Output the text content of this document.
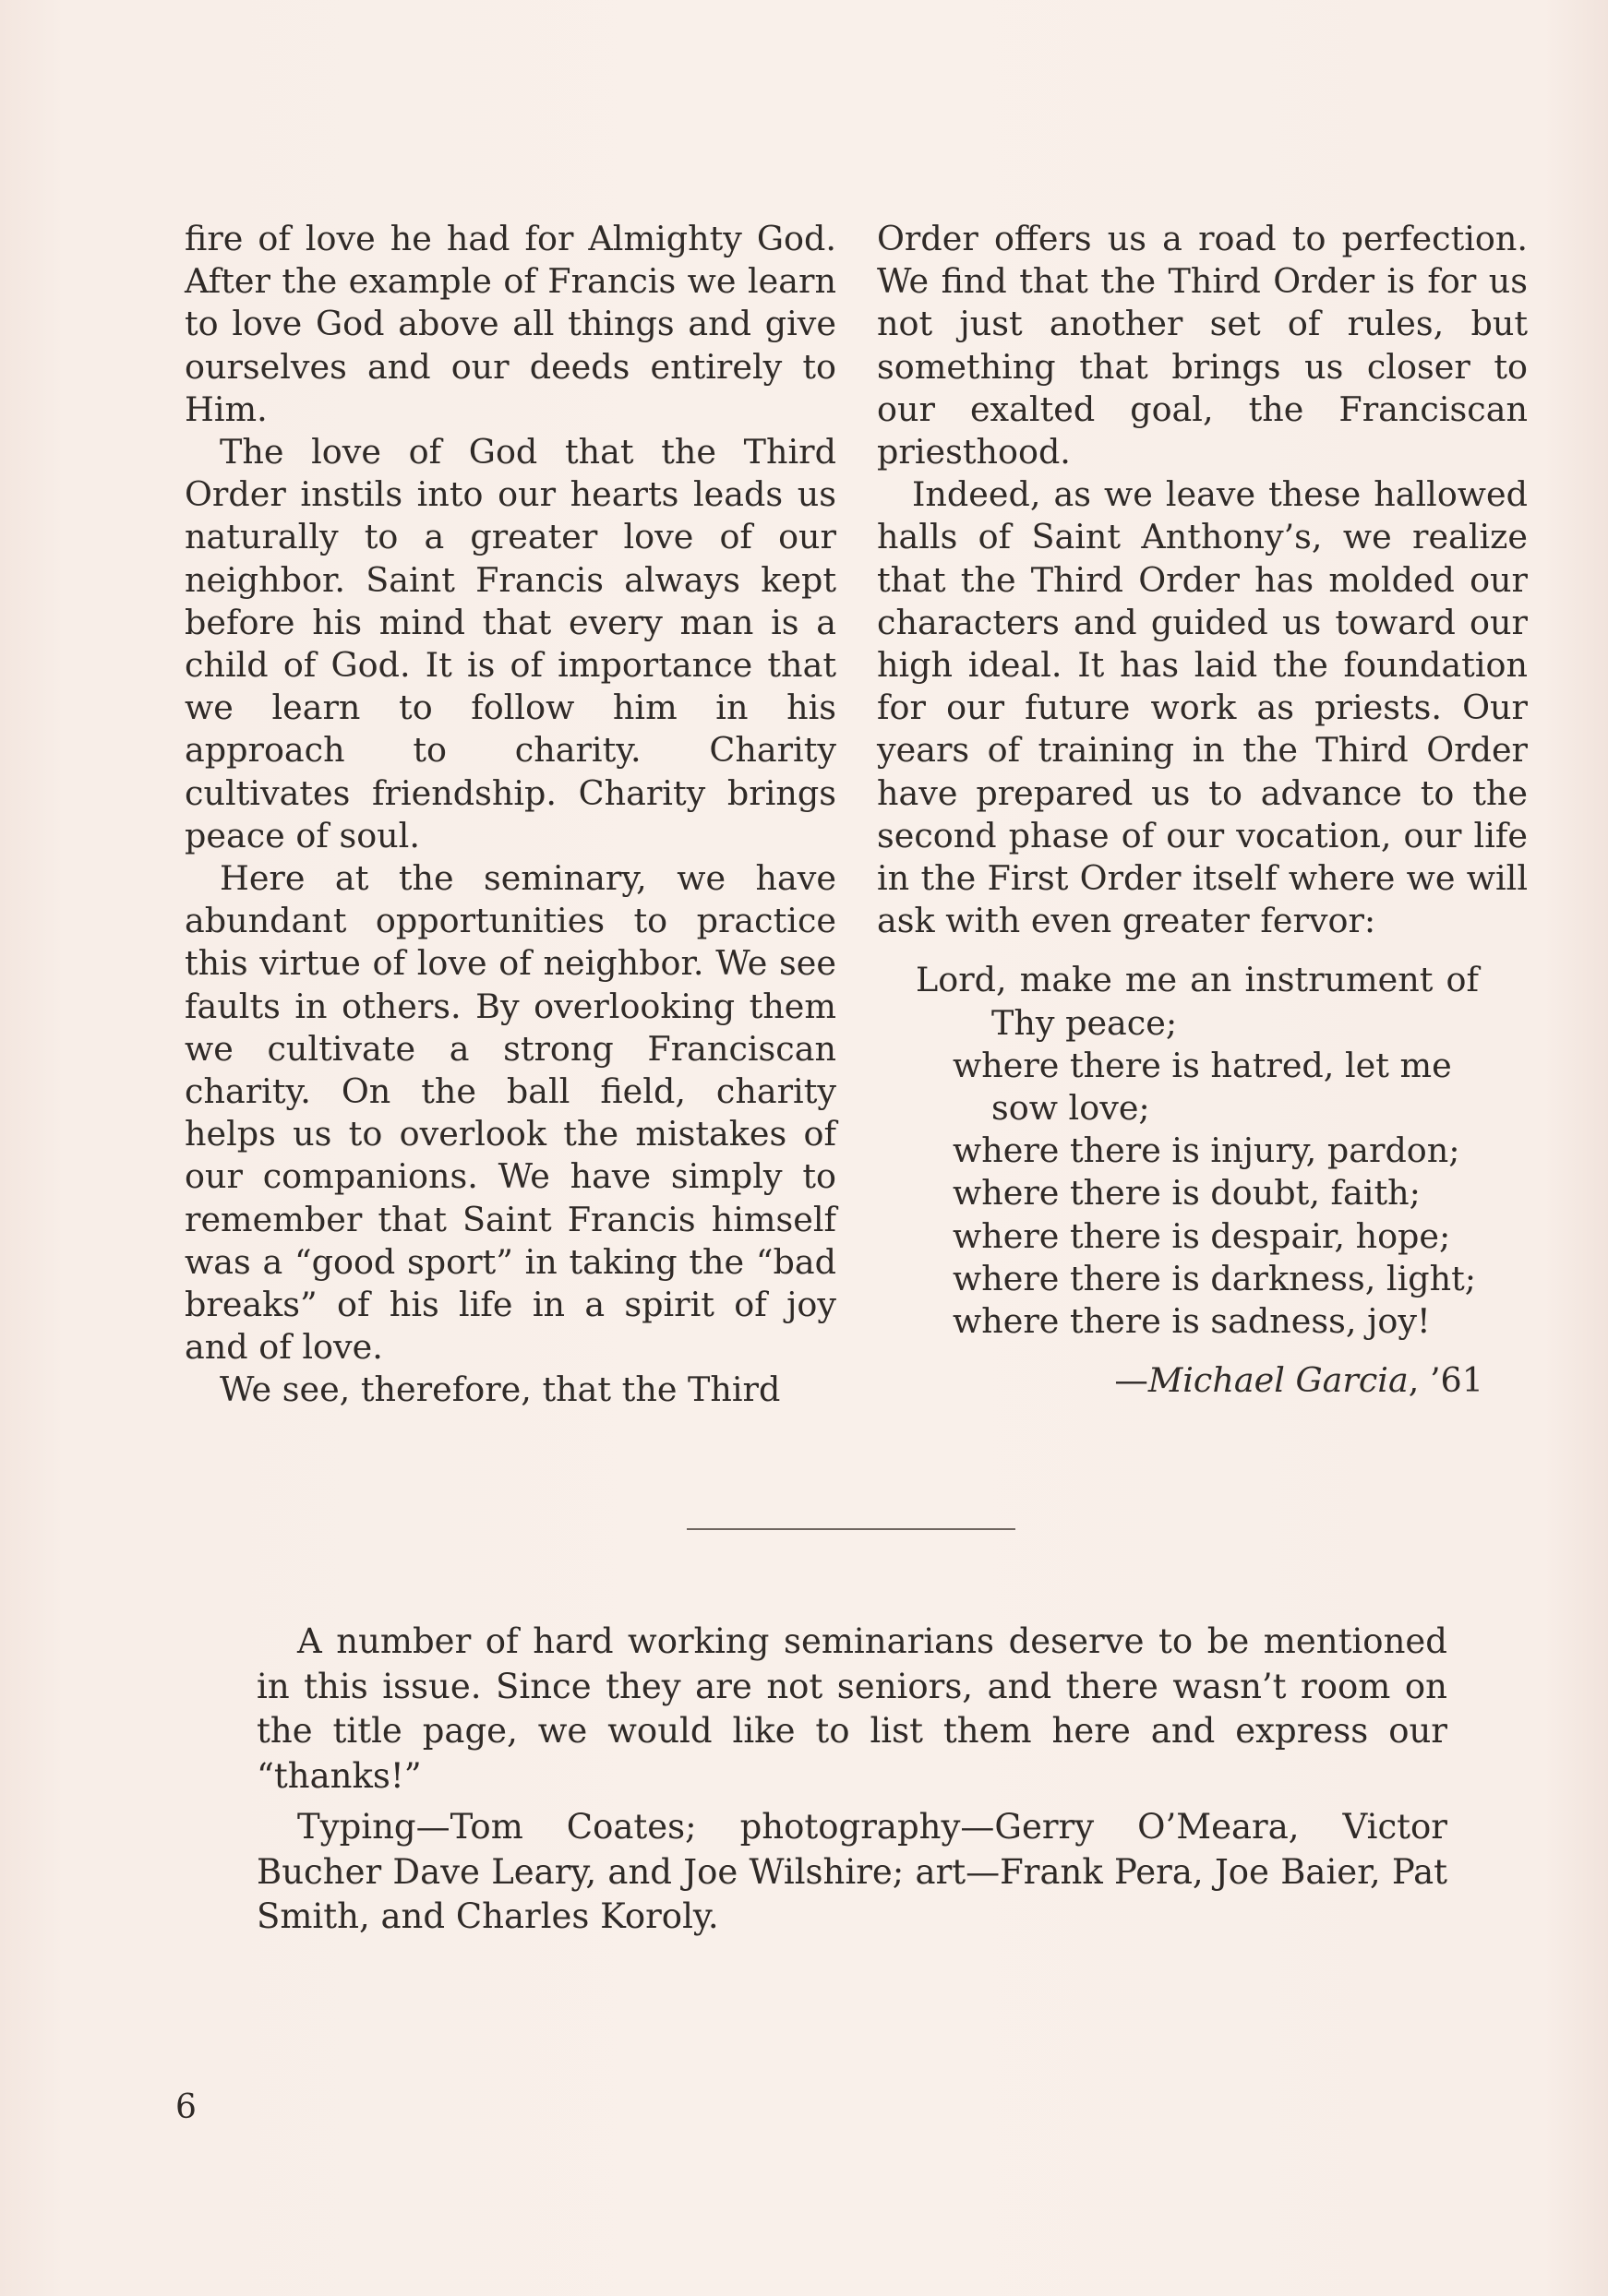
fire of love he had for Almighty God. After the example of Francis we learn to love God above all things and give ourselves and our deeds entirely to Him.

The love of God that the Third Order instils into our hearts leads us naturally to a greater love of our neighbor. Saint Francis always kept before his mind that every man is a child of God. It is of importance that we learn to follow him in his approach to charity. Charity cultivates friendship. Charity brings peace of soul.

Here at the seminary, we have abundant opportunities to practice this virtue of love of neighbor. We see faults in others. By overlooking them we cultivate a strong Franciscan charity. On the ball field, charity helps us to overlook the mistakes of our companions. We have simply to remember that Saint Francis himself was a “good sport” in taking the “bad breaks” of his life in a spirit of joy and of love.

We see, therefore, that the Third

Order offers us a road to perfection. We find that the Third Order is for us not just another set of rules, but something that brings us closer to our exalted goal, the Franciscan priesthood.

Indeed, as we leave these hallowed halls of Saint Anthony’s, we realize that the Third Order has molded our characters and guided us toward our high ideal. It has laid the foundation for our future work as priests. Our years of training in the Third Order have prepared us to advance to the second phase of our vocation, our life in the First Order itself where we will ask with even greater fervor:

Lord, make me an instrument of
Thy peace;
where there is hatred, let me
sow love;
where there is injury, pardon;
where there is doubt, faith;
where there is despair, hope;
where there is darkness, light;
where there is sadness, joy!
—Michael Garcia, ’61

A number of hard working seminarians deserve to be mentioned in this issue. Since they are not seniors, and there wasn’t room on the title page, we would like to list them here and express our “thanks!”

Typing—Tom Coates; photography—Gerry O’Meara, Victor Bucher Dave Leary, and Joe Wilshire; art—Frank Pera, Joe Baier, Pat Smith, and Charles Koroly.

6
